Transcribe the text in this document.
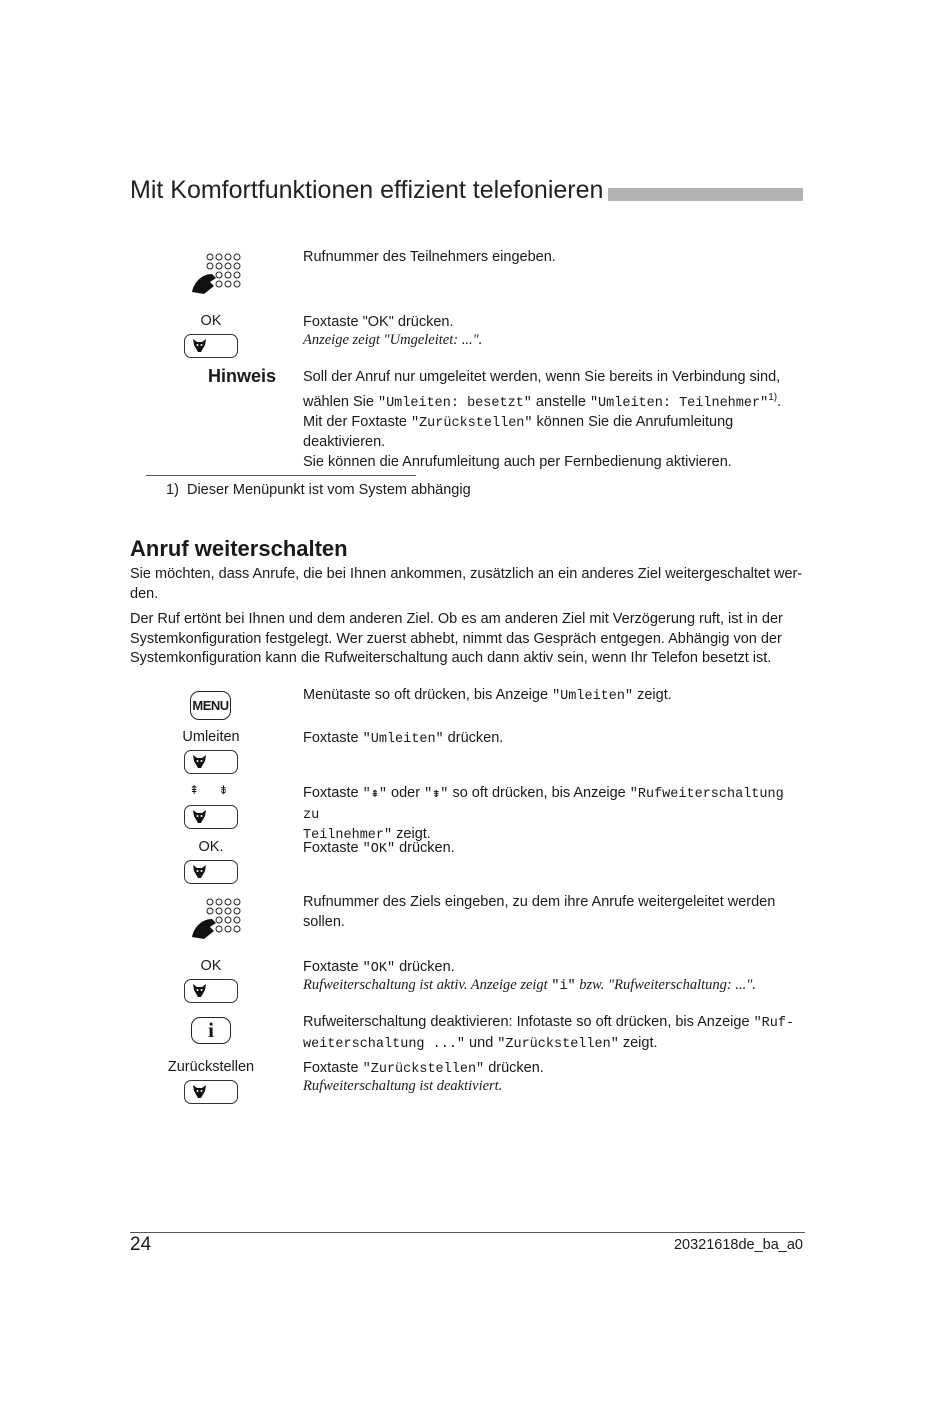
Mit Komfortfunktionen effizient telefonieren
Rufnummer des Teilnehmers eingeben.
OK	Foxtaste "OK" drücken.
Anzeige zeigt "Umgeleitet: ...".
Hinweis Soll der Anruf nur umgeleitet werden, wenn Sie bereits in Verbindung sind,
wählen Sie "Umleiten: besetzt" anstelle "Umleiten: Teilnehmer"$^{1)}$.
Mit der Foxtaste "Zurückstellen" können Sie die Anrufumleitung
deaktivieren.
Sie können die Anrufumleitung auch per Fernbedienung aktivieren.
1) Dieser Menüpunkt ist vom System abhängig
Anruf weiterschalten
Sie möchten, dass Anrufe, die bei Ihnen ankommen, zusätzlich an ein anderes Ziel weitergeschaltet wer-den.
Der Ruf ertönt bei Ihnen und dem anderen Ziel. Ob es am anderen Ziel mit Verzögerung ruft, ist in der Systemkonfiguration festgelegt. Wer zuerst abhebt, nimmt das Gespräch entgegen. Abhängig von der Systemkonfiguration kann die Rufweiterschaltung auch dann aktiv sein, wenn Ihr Telefon besetzt ist.
MENU
Menütaste so oft drücken, bis Anzeige "Umleiten" zeigt.
Umleiten	Foxtaste "Umleiten" drücken.
⇞ ⇟	Foxtaste "⇞" oder "⇟" so oft drücken, bis Anzeige "Rufweiterschaltung zu
Teilnehmer" zeigt.
OK.	Foxtaste "OK" drücken.
Rufnummer des Ziels eingeben, zu dem ihre Anrufe weitergeleitet werden sollen.
OK	Foxtaste "OK" drücken.
Rufweiterschaltung ist aktiv. Anzeige zeigt "i" bzw. "Rufweiterschaltung: ...".
i	Rufweiterschaltung deaktivieren: Infotaste so oft drücken, bis Anzeige "Ruf-
weiterschaltung ..." und "Zurückstellen" zeigt.
Zurückstellen	Foxtaste "Zurückstellen" drücken.
Rufweiterschaltung ist deaktiviert.
24	20321618de_ba_a0
